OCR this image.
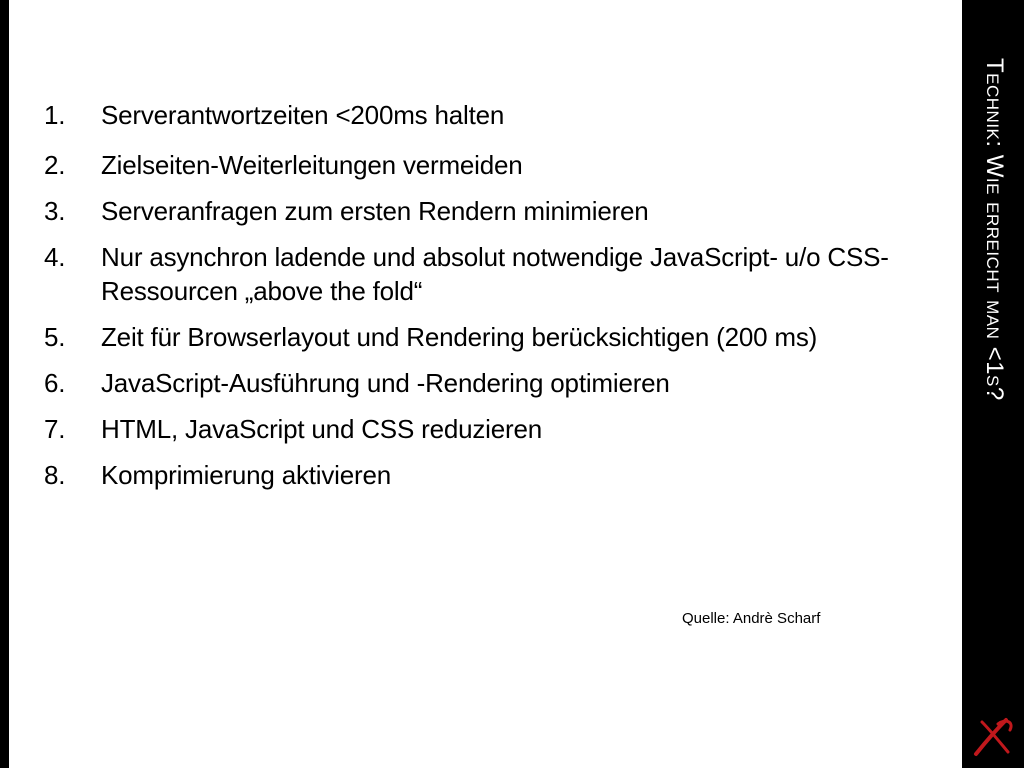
1.	Serverantwortzeiten <200ms halten
2.	Zielseiten-Weiterleitungen vermeiden
3.	Serveranfragen zum ersten Rendern minimieren
4.	Nur asynchron ladende und absolut notwendige JavaScript- u/o CSS-Ressourcen „above the fold“
5.	Zeit für Browserlayout und Rendering berücksichtigen (200 ms)
6.	JavaScript-Ausführung und -Rendering optimieren
7.	HTML, JavaScript und CSS reduzieren
8.	Komprimierung aktivieren
Quelle: Andrè Scharf
Technik: Wie erreicht man <1s?
